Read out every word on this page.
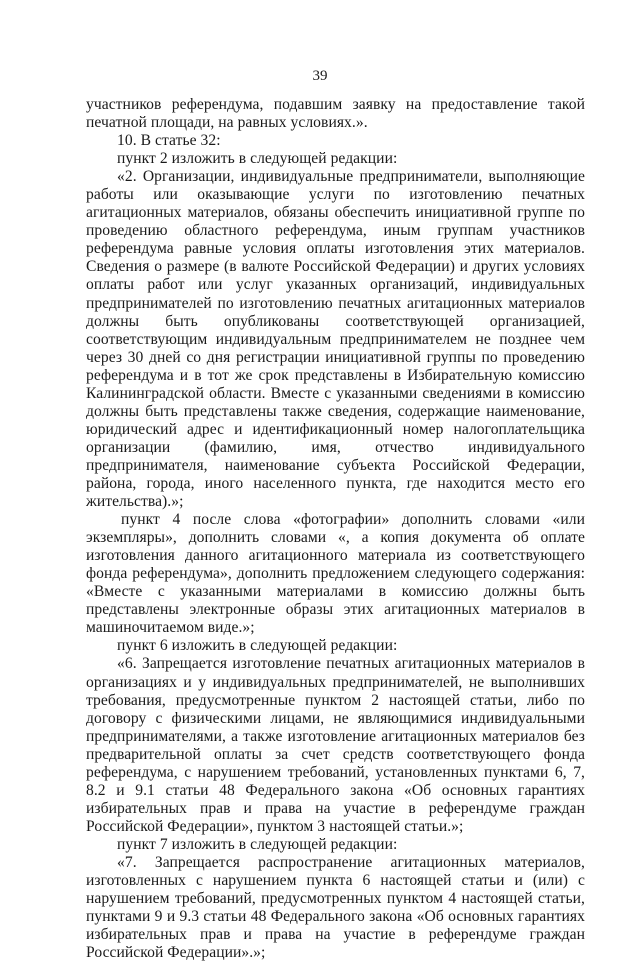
39

участников референдума, подавшим заявку на предоставление такой печатной площади, на равных условиях.».

10. В статье 32:

пункт 2 изложить в следующей редакции:

«2. Организации, индивидуальные предприниматели, выполняющие работы или оказывающие услуги по изготовлению печатных агитационных материалов, обязаны обеспечить инициативной группе по проведению областного референдума, иным группам участников референдума равные условия оплаты изготовления этих материалов. Сведения о размере (в валюте Российской Федерации) и других условиях оплаты работ или услуг указанных организаций, индивидуальных предпринимателей по изготовлению печатных агитационных материалов должны быть опубликованы соответствующей организацией, соответствующим индивидуальным предпринимателем не позднее чем через 30 дней со дня регистрации инициативной группы по проведению референдума и в тот же срок представлены в Избирательную комиссию Калининградской области. Вместе с указанными сведениями в комиссию должны быть представлены также сведения, содержащие наименование, юридический адрес и идентификационный номер налогоплательщика организации (фамилию, имя, отчество индивидуального предпринимателя, наименование субъекта Российской Федерации, района, города, иного населенного пункта, где находится место его жительства).»;

пункт 4 после слова «фотографии» дополнить словами «или экземпляры», дополнить словами «, а копия документа об оплате изготовления данного агитационного материала из соответствующего фонда референдума», дополнить предложением следующего содержания: «Вместе с указанными материалами в комиссию должны быть представлены электронные образы этих агитационных материалов в машиночитаемом виде.»;

пункт 6 изложить в следующей редакции:

«6. Запрещается изготовление печатных агитационных материалов в организациях и у индивидуальных предпринимателей, не выполнивших требования, предусмотренные пунктом 2 настоящей статьи, либо по договору с физическими лицами, не являющимися индивидуальными предпринимателями, а также изготовление агитационных материалов без предварительной оплаты за счет средств соответствующего фонда референдума, с нарушением требований, установленных пунктами 6, 7, 8.2 и 9.1 статьи 48 Федерального закона «Об основных гарантиях избирательных прав и права на участие в референдуме граждан Российской Федерации», пунктом 3 настоящей статьи.»;

пункт 7 изложить в следующей редакции:

«7. Запрещается распространение агитационных материалов, изготовленных с нарушением пункта 6 настоящей статьи и (или) с нарушением требований, предусмотренных пунктом 4 настоящей статьи, пунктами 9 и 9.3 статьи 48 Федерального закона «Об основных гарантиях избирательных прав и права на участие в референдуме граждан Российской Федерации».»;
